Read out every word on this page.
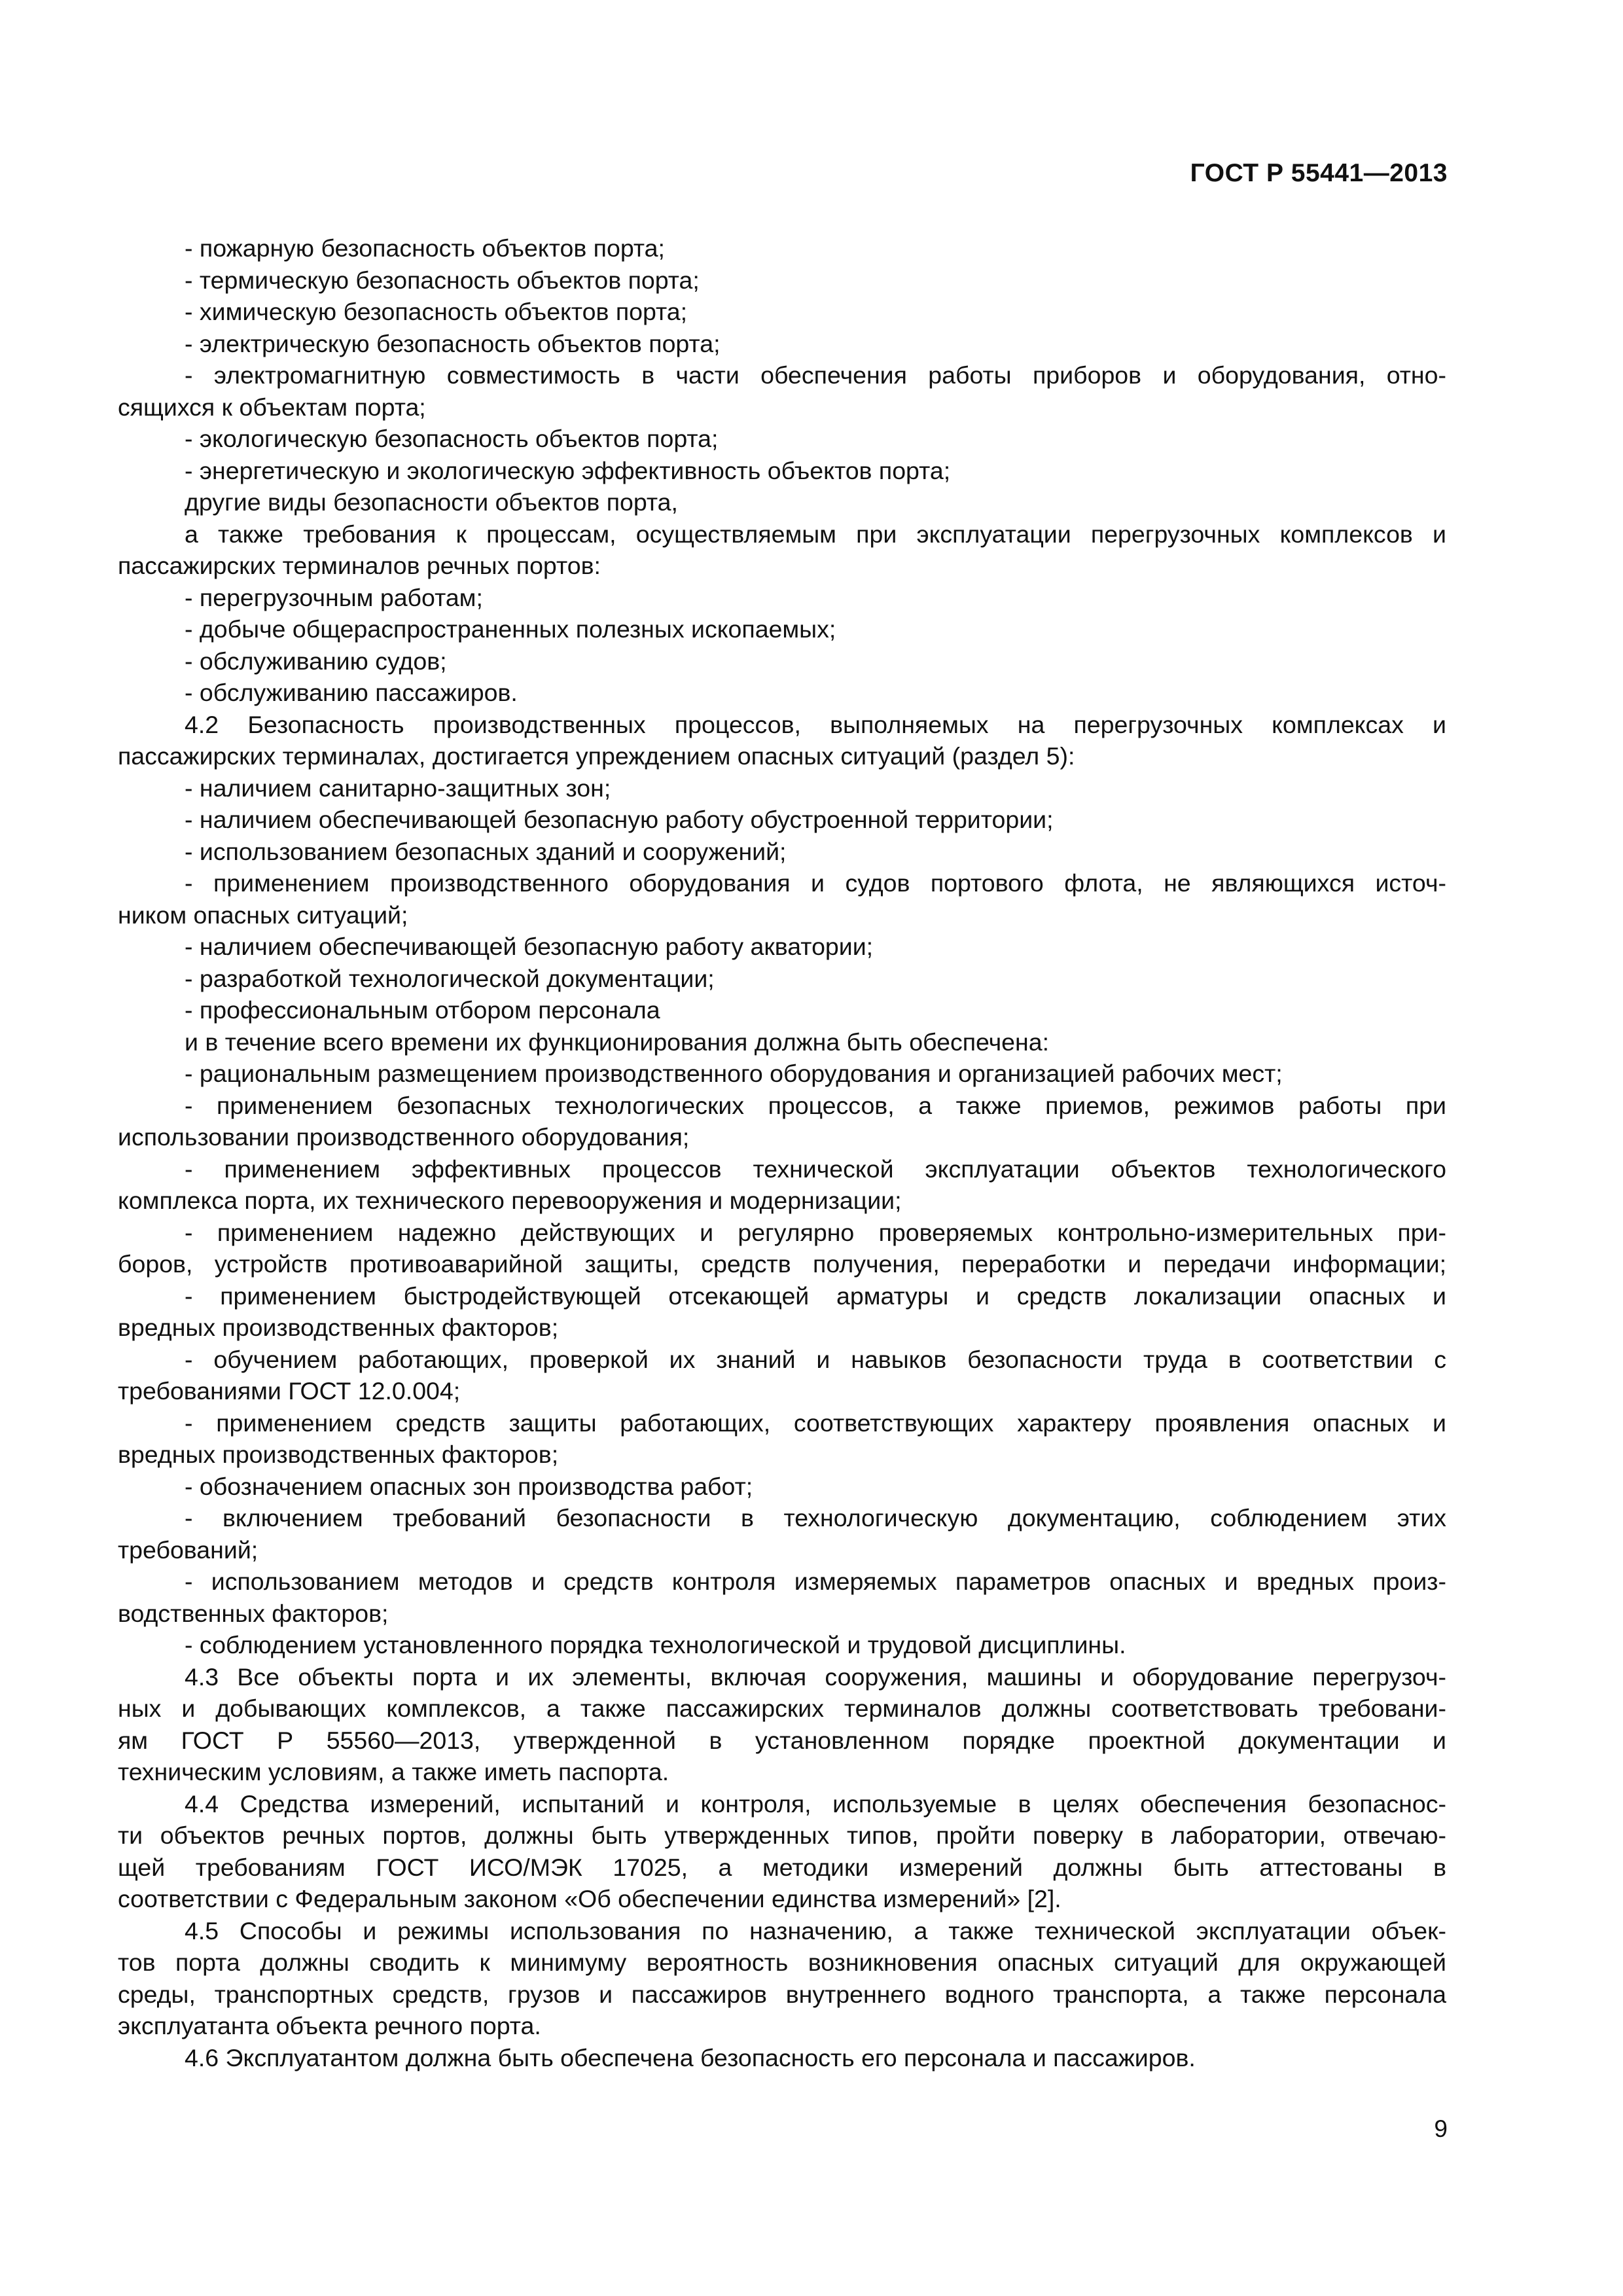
ГОСТ Р 55441—2013
- пожарную безопасность объектов порта;
- термическую безопасность объектов порта;
- химическую безопасность объектов порта;
- электрическую безопасность объектов порта;
- электромагнитную совместимость в части обеспечения работы приборов и оборудования, отно-
сящихся к объектам порта;
- экологическую безопасность объектов порта;
- энергетическую и экологическую эффективность объектов порта;
другие виды безопасности объектов порта,
а также требования к процессам, осуществляемым при эксплуатации перегрузочных комплексов и
пассажирских терминалов речных портов:
- перегрузочным работам;
- добыче общераспространенных полезных ископаемых;
- обслуживанию судов;
- обслуживанию пассажиров.
4.2 Безопасность производственных процессов, выполняемых на перегрузочных комплексах и
пассажирских терминалах, достигается упреждением опасных ситуаций (раздел 5):
- наличием санитарно-защитных зон;
- наличием обеспечивающей безопасную работу обустроенной территории;
- использованием безопасных зданий и сооружений;
- применением производственного оборудования и судов портового флота, не являющихся источ-
ником опасных ситуаций;
- наличием обеспечивающей безопасную работу акватории;
- разработкой технологической документации;
- профессиональным отбором персонала
и в течение всего времени их функционирования должна быть обеспечена:
- рациональным размещением производственного оборудования и организацией рабочих мест;
- применением безопасных технологических процессов, а также приемов, режимов работы при
использовании производственного оборудования;
- применением эффективных процессов технической эксплуатации объектов технологического
комплекса порта, их технического перевооружения и модернизации;
- применением надежно действующих и регулярно проверяемых контрольно-измерительных при-
боров, устройств противоаварийной защиты, средств получения, переработки и передачи информации;
- применением быстродействующей отсекающей арматуры и средств локализации опасных и
вредных производственных факторов;
- обучением работающих, проверкой их знаний и навыков безопасности труда в соответствии с
требованиями ГОСТ 12.0.004;
- применением средств защиты работающих, соответствующих характеру проявления опасных и
вредных производственных факторов;
- обозначением опасных зон производства работ;
- включением требований безопасности в технологическую документацию, соблюдением этих
требований;
- использованием методов и средств контроля измеряемых параметров опасных и вредных произ-
водственных факторов;
- соблюдением установленного порядка технологической и трудовой дисциплины.
4.3 Все объекты порта и их элементы, включая сооружения, машины и оборудование перегрузоч-
ных и добывающих комплексов, а также пассажирских терминалов должны соответствовать требовани-
ям ГОСТ Р 55560—2013, утвержденной в установленном порядке проектной документации и
техническим условиям, а также иметь паспорта.
4.4 Средства измерений, испытаний и контроля, используемые в целях обеспечения безопаснос-
ти объектов речных портов, должны быть утвержденных типов, пройти поверку в лаборатории, отвечаю-
щей требованиям ГОСТ ИСО/МЭК 17025, а методики измерений должны быть аттестованы в
соответствии с Федеральным законом «Об обеспечении единства измерений» [2].
4.5 Способы и режимы использования по назначению, а также технической эксплуатации объек-
тов порта должны сводить к минимуму вероятность возникновения опасных ситуаций для окружающей
среды, транспортных средств, грузов и пассажиров внутреннего водного транспорта, а также персонала
эксплуатанта объекта речного порта.
4.6 Эксплуатантом должна быть обеспечена безопасность его персонала и пассажиров.
9
